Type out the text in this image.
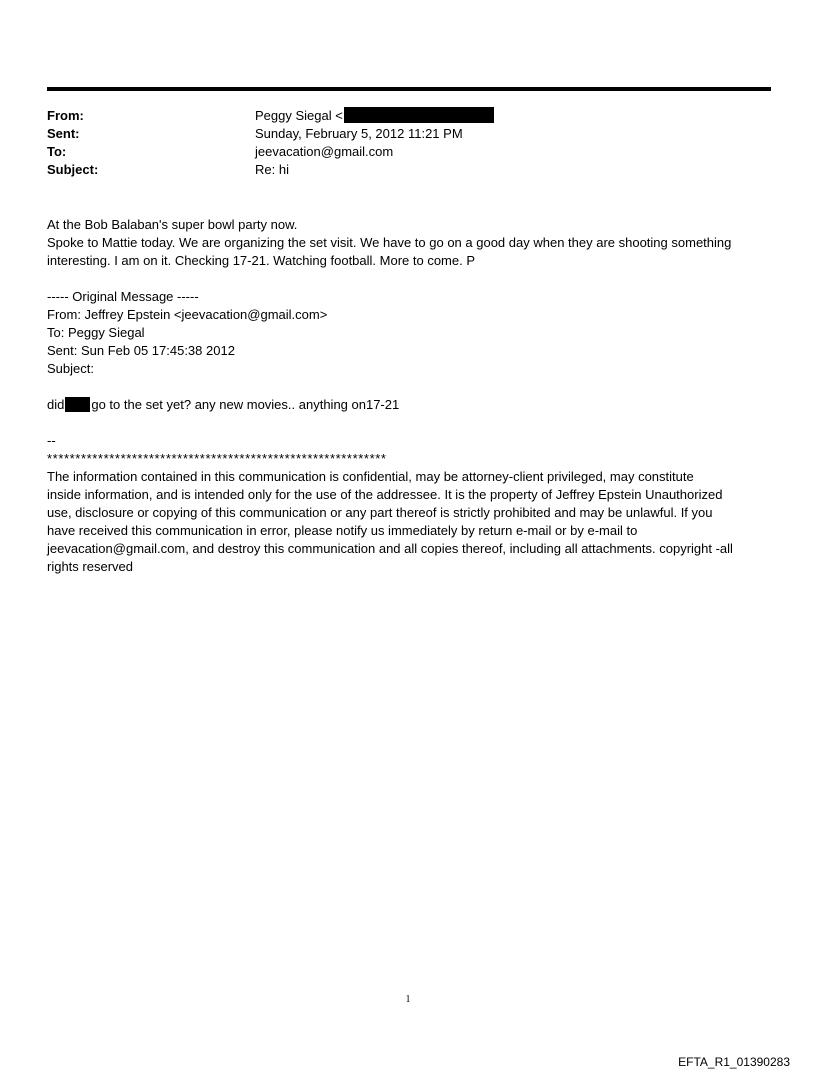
From:	Peggy Siegal <
Sent:	Sunday, February 5, 2012 11:21 PM
To:	jeevacation@gmail.com
Subject:	Re: hi

At the Bob Balaban's super bowl party now.

Spoke to Mattie today. We are organizing the set visit. We have to go on a good day when they are shooting something

interesting. I am on it. Checking 17-21. Watching football. More to come. P

----- Original Message -----

From: Jeffrey Epstein <jeevacation@gmail.com>

To: Peggy Siegal

Sent: Sun Feb 05 17:45:38 2012

Subject:

did go to the set yet? any new movies.. anything on17-21

--

************************************************************

The information contained in this communication is confidential, may be attorney-client privileged, may constitute

inside information, and is intended only for the use of the addressee. It is the property of Jeffrey Epstein Unauthorized

use, disclosure or copying of this communication or any part thereof is strictly prohibited and may be unlawful. If you

have received this communication in error, please notify us immediately by return e-mail or by e-mail to

jeevacation@gmail.com, and destroy this communication and all copies thereof, including all attachments. copyright -all

rights reserved

1
EFTA_R1_01390283
